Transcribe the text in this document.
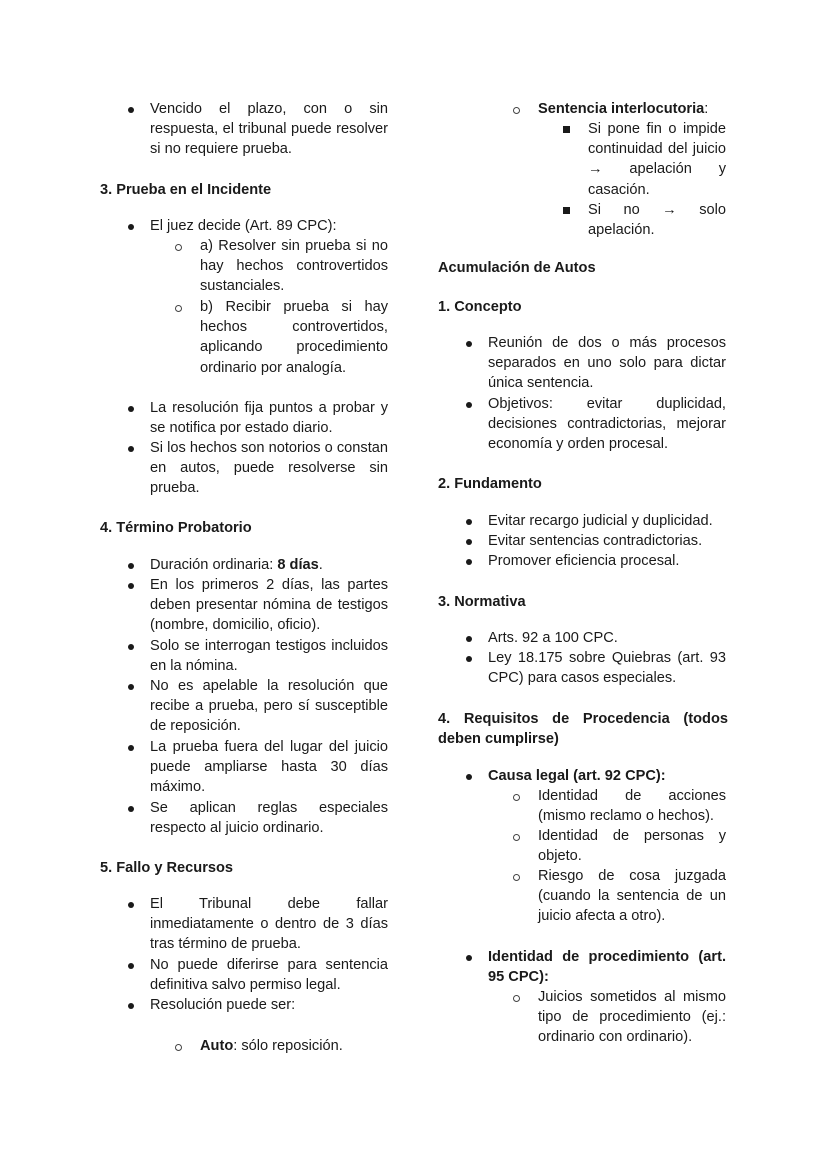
Vencido el plazo, con o sin respuesta, el tribunal puede resolver si no requiere prueba.
3. Prueba en el Incidente
El juez decide (Art. 89 CPC):
a) Resolver sin prueba si no hay hechos controvertidos sustanciales.
b) Recibir prueba si hay hechos controvertidos, aplicando procedimiento ordinario por analogía.
La resolución fija puntos a probar y se notifica por estado diario.
Si los hechos son notorios o constan en autos, puede resolverse sin prueba.
4. Término Probatorio
Duración ordinaria: 8 días.
En los primeros 2 días, las partes deben presentar nómina de testigos (nombre, domicilio, oficio).
Solo se interrogan testigos incluidos en la nómina.
No es apelable la resolución que recibe a prueba, pero sí susceptible de reposición.
La prueba fuera del lugar del juicio puede ampliarse hasta 30 días máximo.
Se aplican reglas especiales respecto al juicio ordinario.
5. Fallo y Recursos
El Tribunal debe fallar inmediatamente o dentro de 3 días tras término de prueba.
No puede diferirse para sentencia definitiva salvo permiso legal.
Resolución puede ser:
Auto: sólo reposición.
Sentencia interlocutoria:
Si pone fin o impide continuidad del juicio → apelación y casación.
Si no → solo apelación.
Acumulación de Autos
1. Concepto
Reunión de dos o más procesos separados en uno solo para dictar única sentencia.
Objetivos: evitar duplicidad, decisiones contradictorias, mejorar economía y orden procesal.
2. Fundamento
Evitar recargo judicial y duplicidad.
Evitar sentencias contradictorias.
Promover eficiencia procesal.
3. Normativa
Arts. 92 a 100 CPC.
Ley 18.175 sobre Quiebras (art. 93 CPC) para casos especiales.
4. Requisitos de Procedencia (todos deben cumplirse)
Causa legal (art. 92 CPC):
Identidad de acciones (mismo reclamo o hechos).
Identidad de personas y objeto.
Riesgo de cosa juzgada (cuando la sentencia de un juicio afecta a otro).
Identidad de procedimiento (art. 95 CPC):
Juicios sometidos al mismo tipo de procedimiento (ej.: ordinario con ordinario).
